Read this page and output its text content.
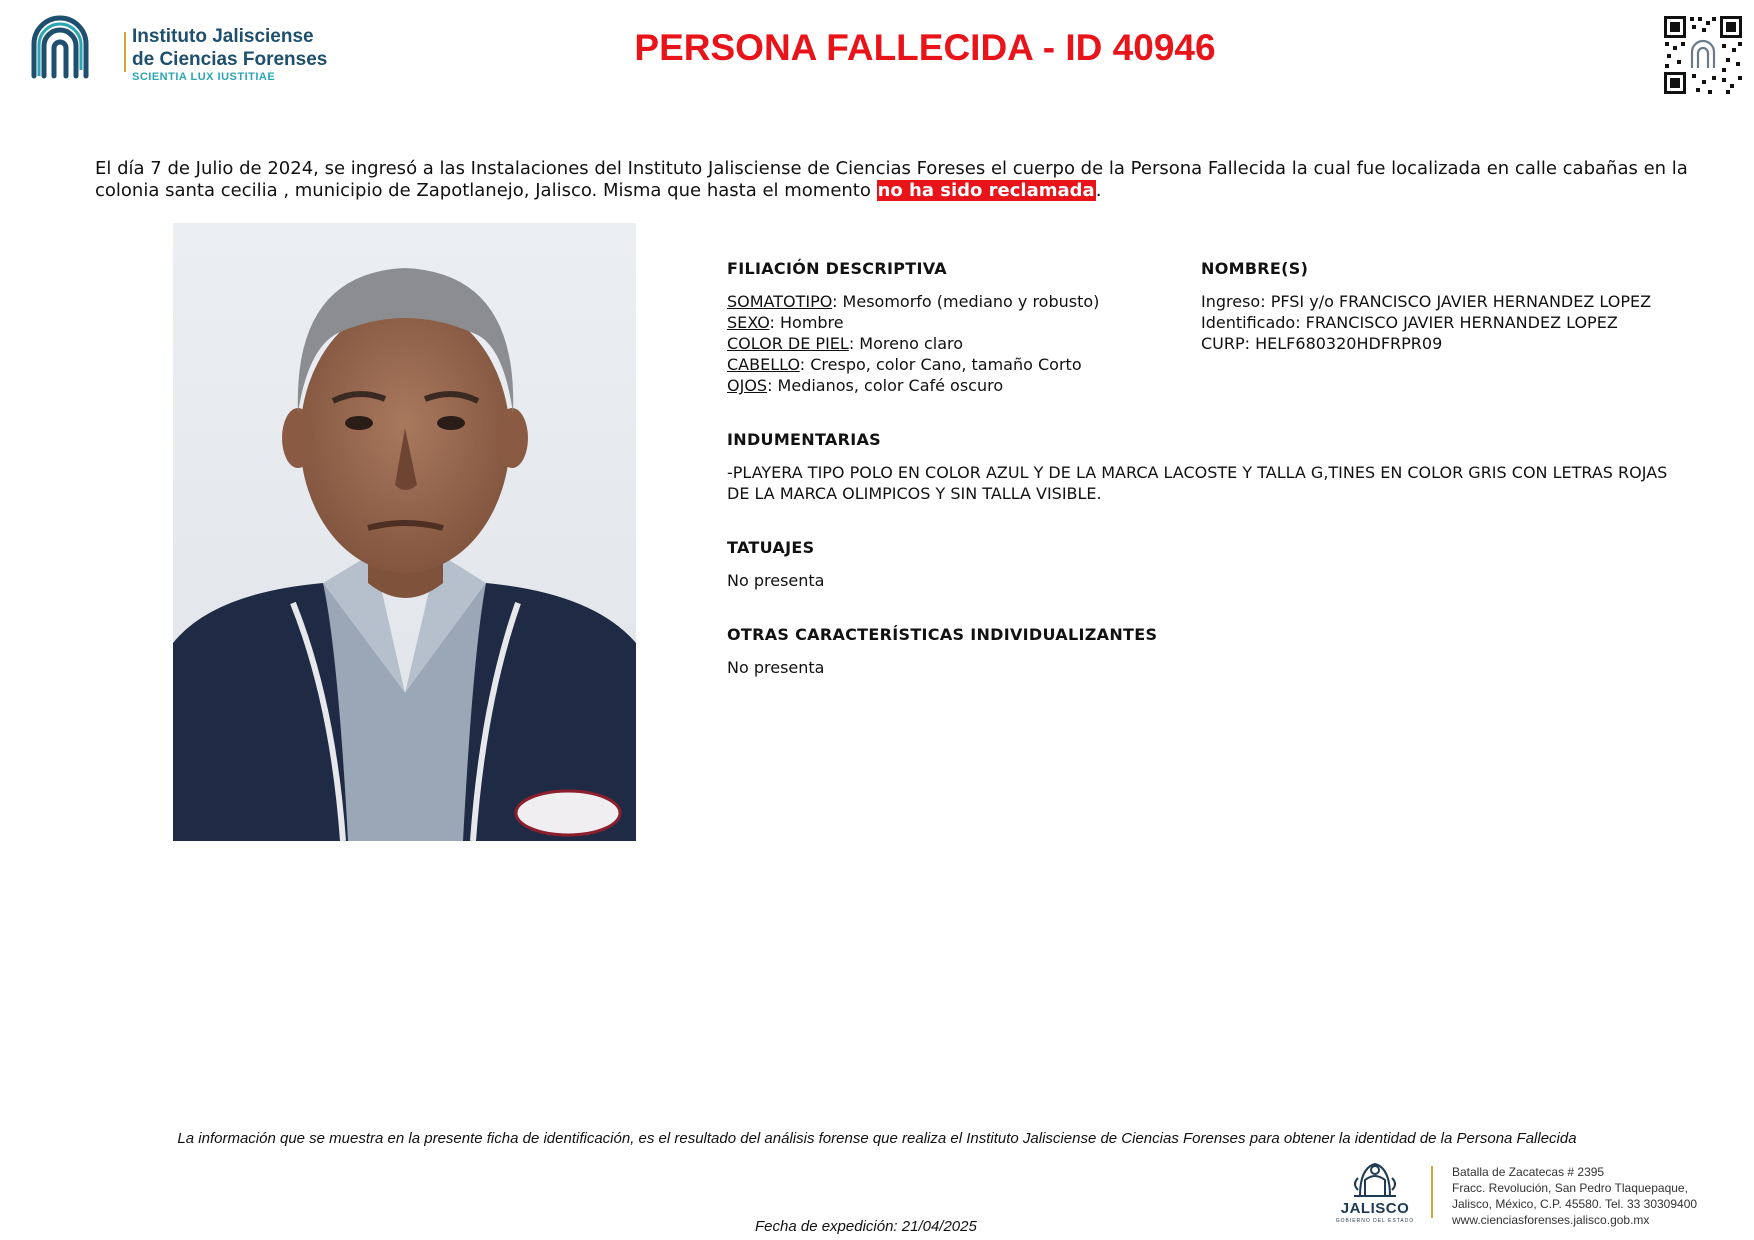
Instituto Jalisciense
de Ciencias Forenses
SCIENTIA LUX IUSTITIAE
PERSONA FALLECIDA - ID 40946
El día 7 de Julio de 2024, se ingresó a las Instalaciones del Instituto Jalisciense de Ciencias Foreses el cuerpo de la Persona Fallecida la cual fue localizada en calle cabañas en la colonia santa cecilia , municipio de Zapotlanejo, Jalisco. Misma que hasta el momento no ha sido reclamada.
FILIACIÓN DESCRIPTIVA
SOMATOTIPO: Mesomorfo (mediano y robusto)
SEXO: Hombre
COLOR DE PIEL: Moreno claro
CABELLO: Crespo, color Cano, tamaño Corto
OJOS: Medianos, color Café oscuro
NOMBRE(S)
Ingreso: PFSI y/o FRANCISCO JAVIER HERNANDEZ LOPEZ
Identificado: FRANCISCO JAVIER HERNANDEZ LOPEZ
CURP: HELF680320HDFRPR09
INDUMENTARIAS
-PLAYERA TIPO POLO EN COLOR AZUL Y DE LA MARCA LACOSTE Y TALLA G,TINES EN COLOR GRIS CON LETRAS ROJAS DE LA MARCA OLIMPICOS Y SIN TALLA VISIBLE.
TATUAJES
No presenta
OTRAS CARACTERÍSTICAS INDIVIDUALIZANTES
No presenta
La información que se muestra en la presente ficha de identificación, es el resultado del análisis forense que realiza el Instituto Jalisciense de Ciencias Forenses para obtener la identidad de la Persona Fallecida
Fecha de expedición: 21/04/2025
JALISCO
GOBIERNO DEL ESTADO
Batalla de Zacatecas # 2395
Fracc. Revolución, San Pedro Tlaquepaque,
Jalisco, México, C.P. 45580. Tel. 33 30309400
www.cienciasforenses.jalisco.gob.mx
